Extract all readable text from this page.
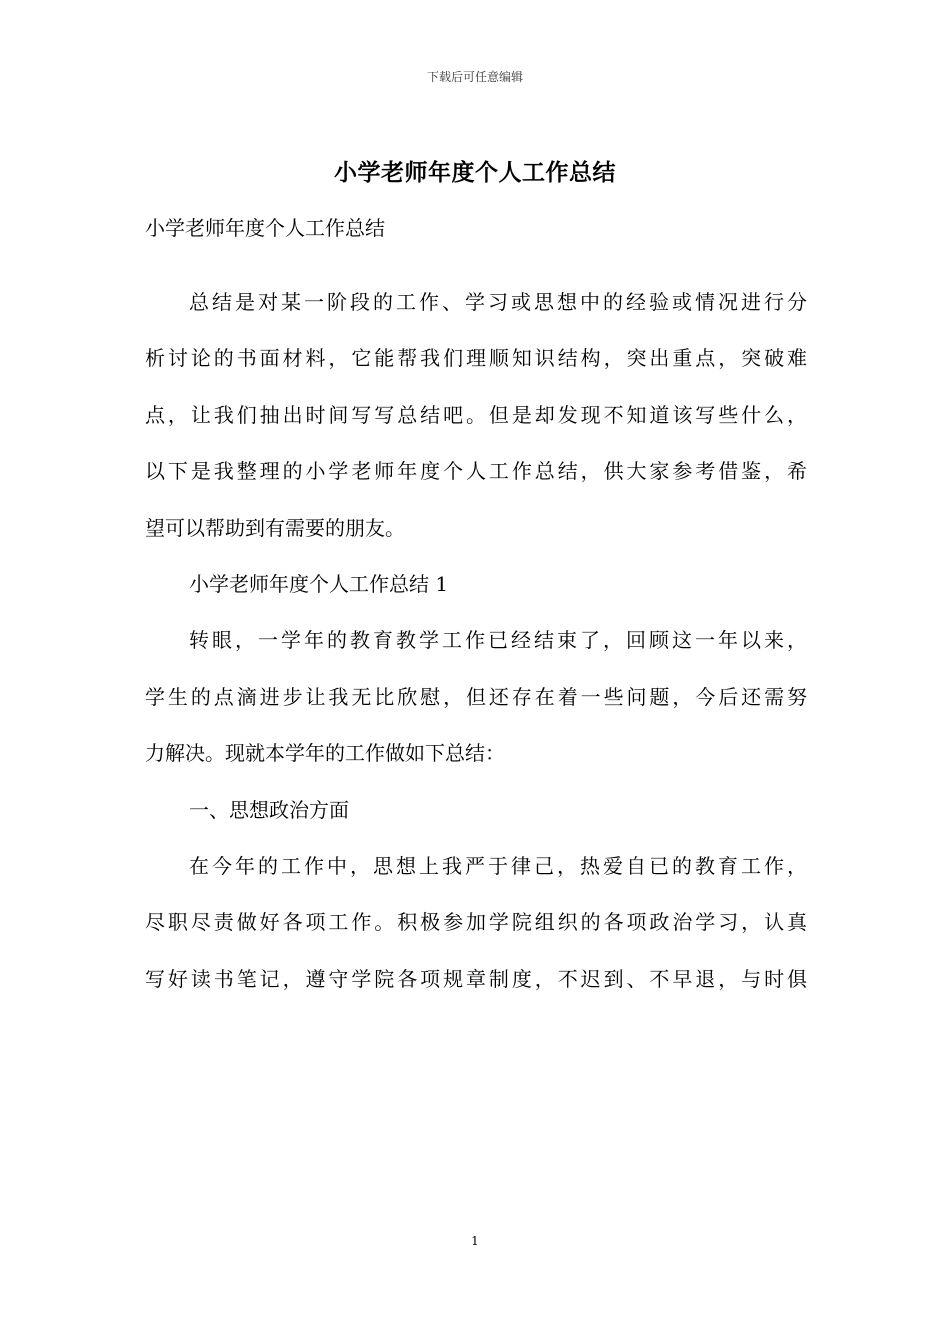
下载后可任意编辑
小学老师年度个人工作总结
小学老师年度个人工作总结
总结是对某一阶段的工作、学习或思想中的经验或情况进行分
析讨论的书面材料，它能帮我们理顺知识结构，突出重点，突破难
点，让我们抽出时间写写总结吧。但是却发现不知道该写些什么，
以下是我整理的小学老师年度个人工作总结，供大家参考借鉴，希
望可以帮助到有需要的朋友。
小学老师年度个人工作总结 1
转眼，一学年的教育教学工作已经结束了，回顾这一年以来，
学生的点滴进步让我无比欣慰，但还存在着一些问题，今后还需努
力解决。现就本学年的工作做如下总结：
一、思想政治方面
在今年的工作中，思想上我严于律己，热爱自已的教育工作，
尽职尽责做好各项工作。积极参加学院组织的各项政治学习，认真
写好读书笔记，遵守学院各项规章制度，不迟到、不早退，与时俱
1
